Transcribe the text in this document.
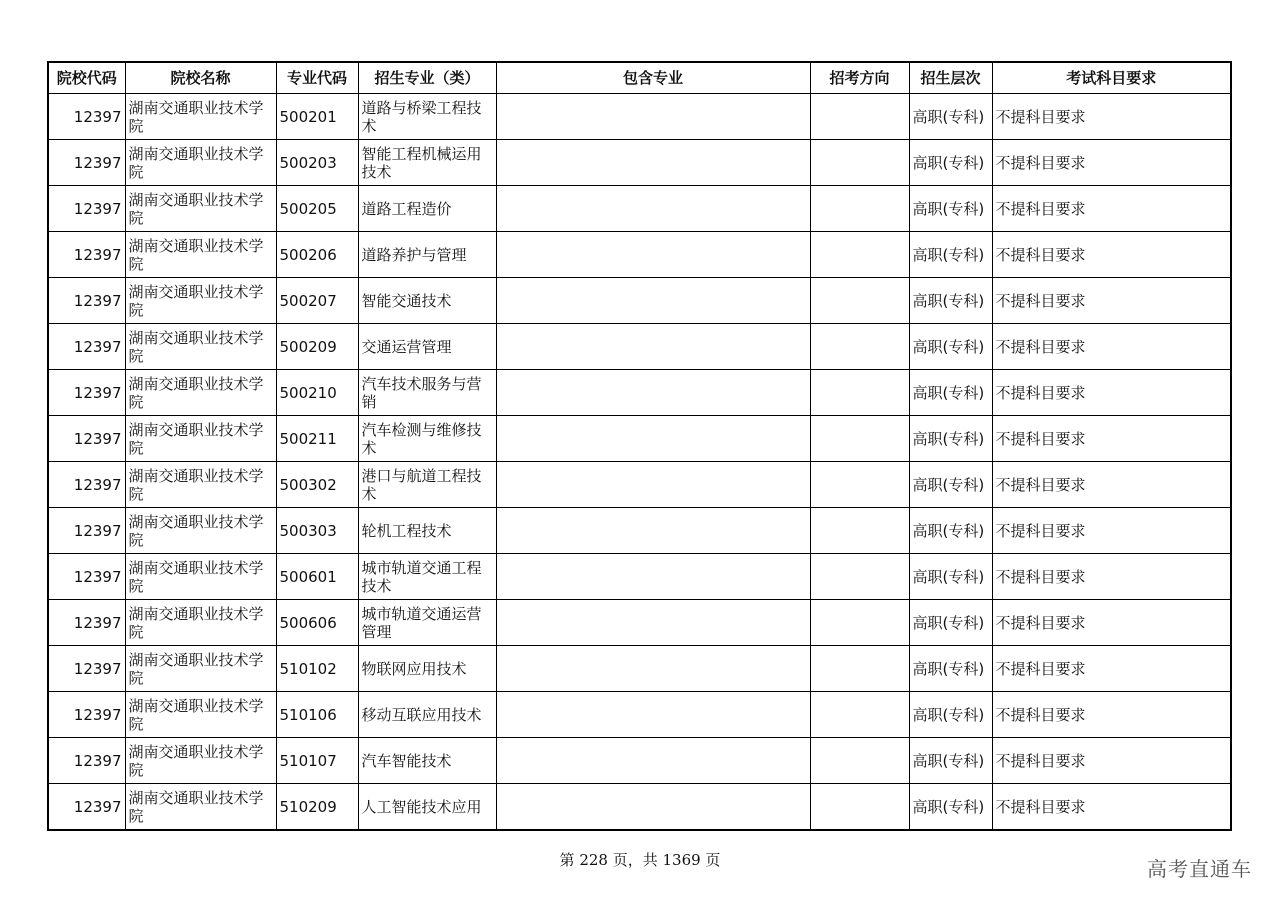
院校代码	院校名称	专业代码	招生专业（类）	包含专业	招考方向	招生层次	考试科目要求
12397	湖南交通职业技术学院	500201	道路与桥梁工程技术			高职(专科)	不提科目要求
12397	湖南交通职业技术学院	500203	智能工程机械运用技术			高职(专科)	不提科目要求
12397	湖南交通职业技术学院	500205	道路工程造价			高职(专科)	不提科目要求
12397	湖南交通职业技术学院	500206	道路养护与管理			高职(专科)	不提科目要求
12397	湖南交通职业技术学院	500207	智能交通技术			高职(专科)	不提科目要求
12397	湖南交通职业技术学院	500209	交通运营管理			高职(专科)	不提科目要求
12397	湖南交通职业技术学院	500210	汽车技术服务与营销			高职(专科)	不提科目要求
12397	湖南交通职业技术学院	500211	汽车检测与维修技术			高职(专科)	不提科目要求
12397	湖南交通职业技术学院	500302	港口与航道工程技术			高职(专科)	不提科目要求
12397	湖南交通职业技术学院	500303	轮机工程技术			高职(专科)	不提科目要求
12397	湖南交通职业技术学院	500601	城市轨道交通工程技术			高职(专科)	不提科目要求
12397	湖南交通职业技术学院	500606	城市轨道交通运营管理			高职(专科)	不提科目要求
12397	湖南交通职业技术学院	510102	物联网应用技术			高职(专科)	不提科目要求
12397	湖南交通职业技术学院	510106	移动互联应用技术			高职(专科)	不提科目要求
12397	湖南交通职业技术学院	510107	汽车智能技术			高职(专科)	不提科目要求
12397	湖南交通职业技术学院	510209	人工智能技术应用			高职(专科)	不提科目要求
第 228 页，共 1369 页	高考直通车
